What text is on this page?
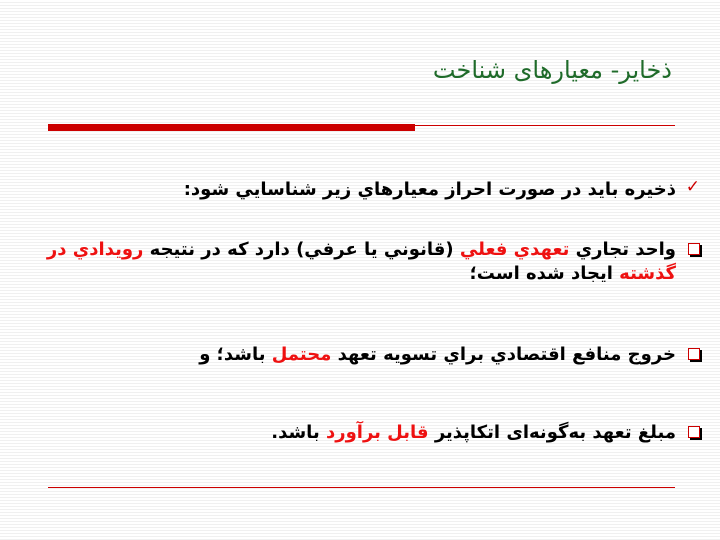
ذخاير- معيارهای شناخت
✓
ذخيره بايد در صورت احراز معيارهاي زير شناسايي شود:
واحد تجاري تعهدي فعلي (قانوني يا عرفي) دارد كه در نتيجه رويدادي در گذشته ايجاد شده است؛
خروج منافع اقتصادي براي تسويه تعهد محتمل باشد؛ و
مبلغ تعهد به‌گونه‌ای اتكاپذير قابل برآورد باشد.
